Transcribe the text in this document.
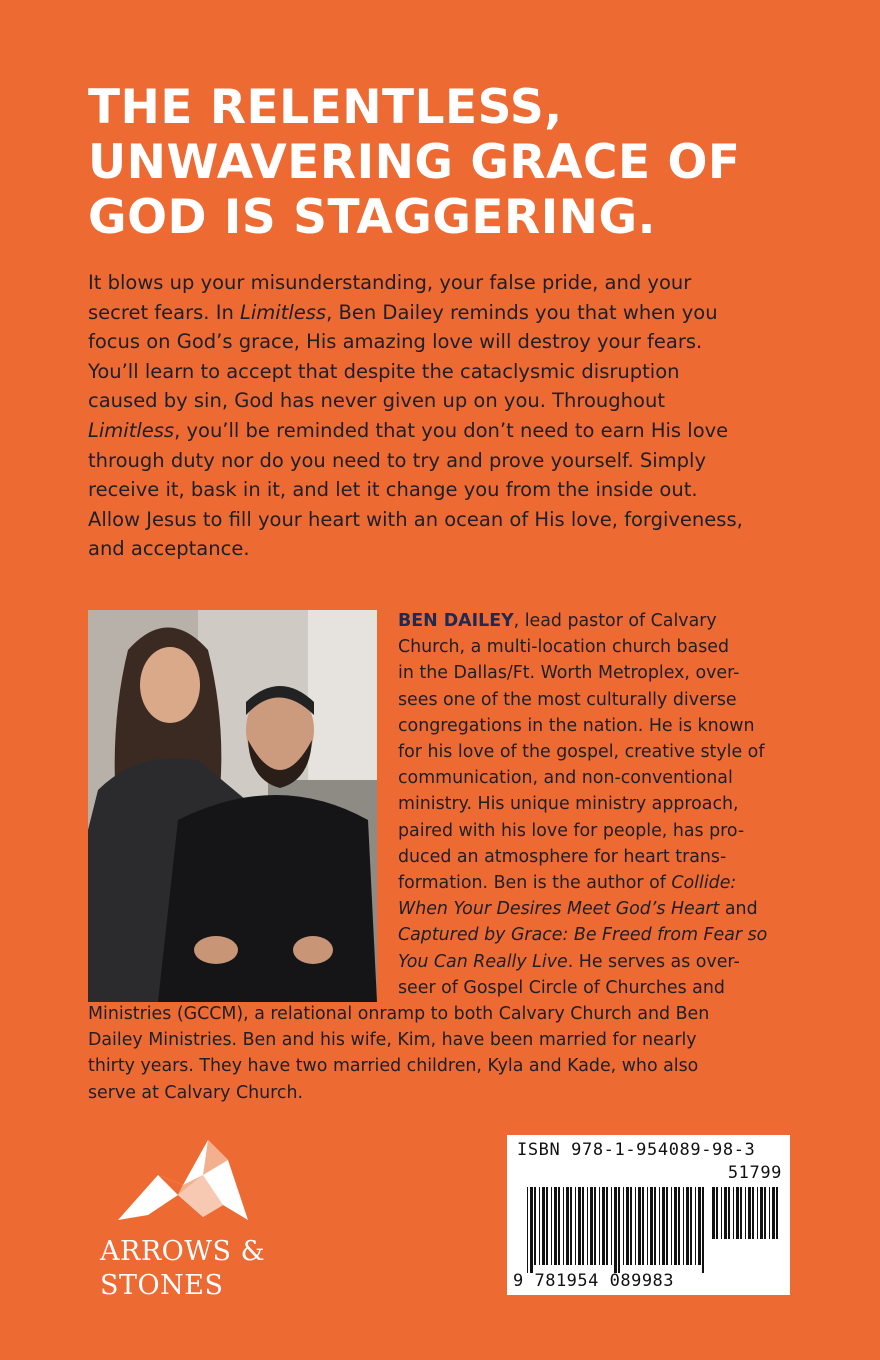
THE RELENTLESS,
UNWAVERING GRACE OF
GOD IS STAGGERING.
It blows up your misunderstanding, your false pride, and your
secret fears. In Limitless, Ben Dailey reminds you that when you
focus on God’s grace, His amazing love will destroy your fears.
You’ll learn to accept that despite the cataclysmic disruption
caused by sin, God has never given up on you. Throughout
Limitless, you’ll be reminded that you don’t need to earn His love
through duty nor do you need to try and prove yourself. Simply
receive it, bask in it, and let it change you from the inside out.
Allow Jesus to fill your heart with an ocean of His love, forgiveness,
and acceptance.
BEN DAILEY, lead pastor of Calvary
Church, a multi-location church based
in the Dallas/Ft. Worth Metroplex, over-
sees one of the most culturally diverse
congregations in the nation. He is known
for his love of the gospel, creative style of
communication, and non-conventional
ministry. His unique ministry approach,
paired with his love for people, has pro-
duced an atmosphere for heart trans-
formation. Ben is the author of Collide:
When Your Desires Meet God’s Heart and
Captured by Grace: Be Freed from Fear so
You Can Really Live. He serves as over-
seer of Gospel Circle of Churches and
Ministries (GCCM), a relational onramp to both Calvary Church and Ben
Dailey Ministries. Ben and his wife, Kim, have been married for nearly
thirty years. They have two married children, Kyla and Kade, who also
serve at Calvary Church.
ARROWS &
STONES
ISBN 978-1-954089-98-3
51799
9 781954 089983
